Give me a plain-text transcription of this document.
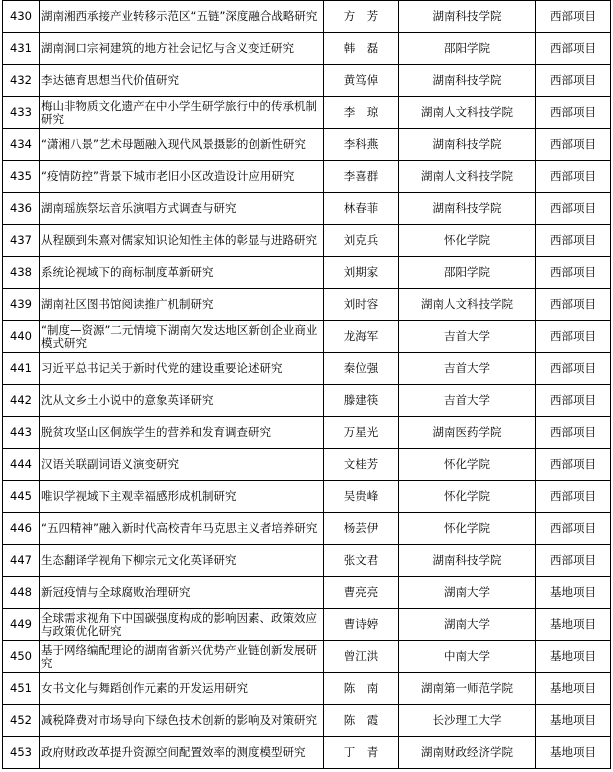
430	湖南湘西承接产业转移示范区“五链”深度融合战略研究	方　芳	湖南科技学院	西部项目
431	湖南洞口宗祠建筑的地方社会记忆与含义变迁研究	韩　磊	邵阳学院	西部项目
432	李达德育思想当代价值研究	黄笃倬	湖南科技学院	西部项目
433	梅山非物质文化遗产在中小学生研学旅行中的传承机制研究	李　琼	湖南人文科技学院	西部项目
434	“潇湘八景”艺术母题融入现代风景摄影的创新性研究	李科燕	湖南科技学院	西部项目
435	“疫情防控”背景下城市老旧小区改造设计应用研究	李喜群	湖南人文科技学院	西部项目
436	湖南瑶族祭坛音乐演唱方式调查与研究	林春菲	湖南科技学院	西部项目
437	从程颐到朱熹对儒家知识论知性主体的彰显与进路研究	刘克兵	怀化学院	西部项目
438	系统论视域下的商标制度革新研究	刘期家	邵阳学院	西部项目
439	湖南社区图书馆阅读推广机制研究	刘时容	湖南人文科技学院	西部项目
440	“制度—资源”二元情境下湖南欠发达地区新创企业商业模式研究	龙海军	吉首大学	西部项目
441	习近平总书记关于新时代党的建设重要论述研究	秦位强	吉首大学	西部项目
442	沈从文乡土小说中的意象英译研究	滕建筷	吉首大学	西部项目
443	脱贫攻坚山区侗族学生的营养和发育调查研究	万星光	湖南医药学院	西部项目
444	汉语关联副词语义演变研究	文桂芳	怀化学院	西部项目
445	唯识学视域下主观幸福感形成机制研究	吴贵峰	怀化学院	西部项目
446	“五四精神”融入新时代高校青年马克思主义者培养研究	杨芸伊	怀化学院	西部项目
447	生态翻译学视角下柳宗元文化英译研究	张文君	湖南科技学院	西部项目
448	新冠疫情与全球腐败治理研究	曹亮亮	湖南大学	基地项目
449	全球需求视角下中国碳强度构成的影响因素、政策效应与政策优化研究	曹诗婷	湖南大学	基地项目
450	基于网络编配理论的湖南省新兴优势产业链创新发展研究	曾江洪	中南大学	基地项目
451	女书文化与舞蹈创作元素的开发运用研究	陈　南	湖南第一师范学院	基地项目
452	减税降费对市场导向下绿色技术创新的影响及对策研究	陈　霞	长沙理工大学	基地项目
453	政府财政改革提升资源空间配置效率的测度模型研究	丁　青	湖南财政经济学院	基地项目
